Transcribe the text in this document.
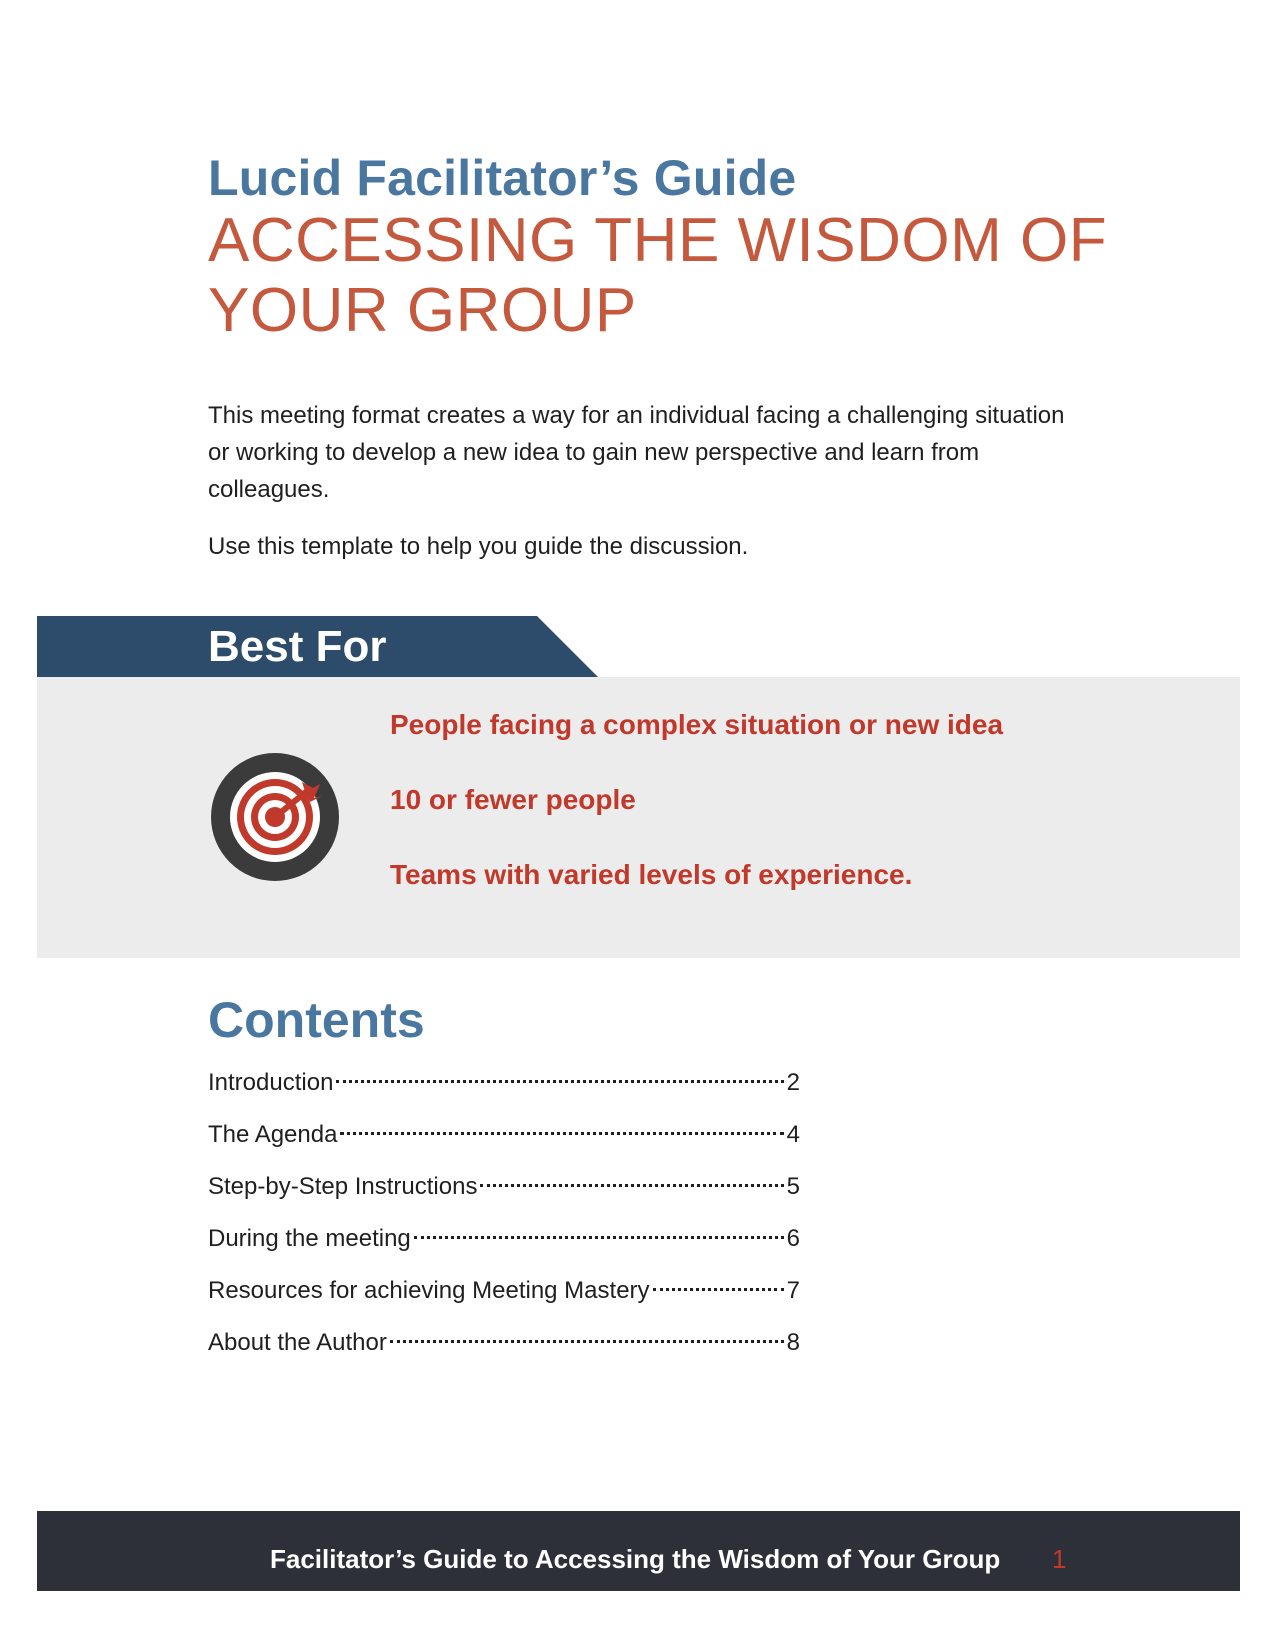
Lucid Facilitator’s Guide
ACCESSING THE WISDOM OF
YOUR GROUP

This meeting format creates a way for an individual facing a challenging situation or working to develop a new idea to gain new perspective and learn from colleagues.

Use this template to help you guide the discussion.

Best For
People facing a complex situation or new idea
10 or fewer people
Teams with varied levels of experience.
Contents
Introduction	2
The Agenda	4
Step-by-Step Instructions	5
During the meeting	6
Resources for achieving Meeting Mastery	7
About the Author	8
Facilitator’s Guide to Accessing the Wisdom of Your Group 1
